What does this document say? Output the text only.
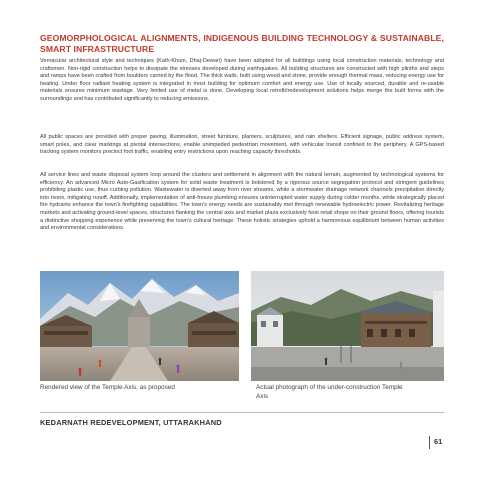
GEOMORPHOLOGICAL ALIGNMENTS, INDIGENOUS BUILDING TECHNOLOGY & SUSTAINABLE, SMART INFRASTRUCTURE

Vernacular architectural style and techniques (Kath-Khuni, Dhaj-Dewari) have been adopted for all buildings using local construction materials, technology and craftsmen. Non-rigid construction helps to dissipate the stresses developed during earthquakes. All building structures are constructed with high plinths and steps and ramps have been crafted from boulders carried by the flood. The thick walls, built using wood and stone, provide enough thermal mass, reducing energy use for heating. Under floor radiant heating system is integrated in most building for optimum comfort and energy use. Use of locally sourced, durable and re-usable materials ensures minimum wastage. Very limited use of metal is done. Developing local retrofit/redevelopment solutions helps merge the built forms with the surroundings and has contributed significantly to reducing emissions.

All public spaces are provided with proper paving, illumination, street furniture, planters, sculptures, and rain shelters. Efficient signage, public address system, smart poles, and clear markings at pivotal intersections, enable unimpeded pedestrian movement, with vehicular transit confined to the periphery. A GPS-based tracking system monitors precinct foot traffic, enabling entry restrictions upon reaching capacity thresholds.

All service lines and waste disposal system loop around the clusters and settlement in alignment with the natural terrain, augmented by technological systems for efficiency. An advanced Micro Auto-Gasification system for solid waste treatment is bolstered by a rigorous source segregation protocol and stringent guidelines prohibiting plastic use, thus curbing pollution. Wastewater is diverted away from river streams, while a stormwater drainage network channels precipitation directly into rivers, mitigating runoff. Additionally, implementation of anti-freeze plumbing ensures uninterrupted water supply during colder months, while strategically placed fire hydrants enhance the town's firefighting capabilities. The town's energy needs are sustainably met through renewable hydroelectric power. Revitalizing heritage markets and activating ground-level spaces, structures flanking the central axis and market plaza exclusively host retail shops on their ground floors, offering tourists a distinctive shopping experience while preserving the town's cultural heritage. These holistic strategies uphold a harmonious equilibrium between human activities and environmental considerations.

Rendered view of the Temple Axis, as proposed	Actual photograph of the under-construction Temple Axis
KEDARNATH REDEVELOPMENT, UTTARAKHAND
61
